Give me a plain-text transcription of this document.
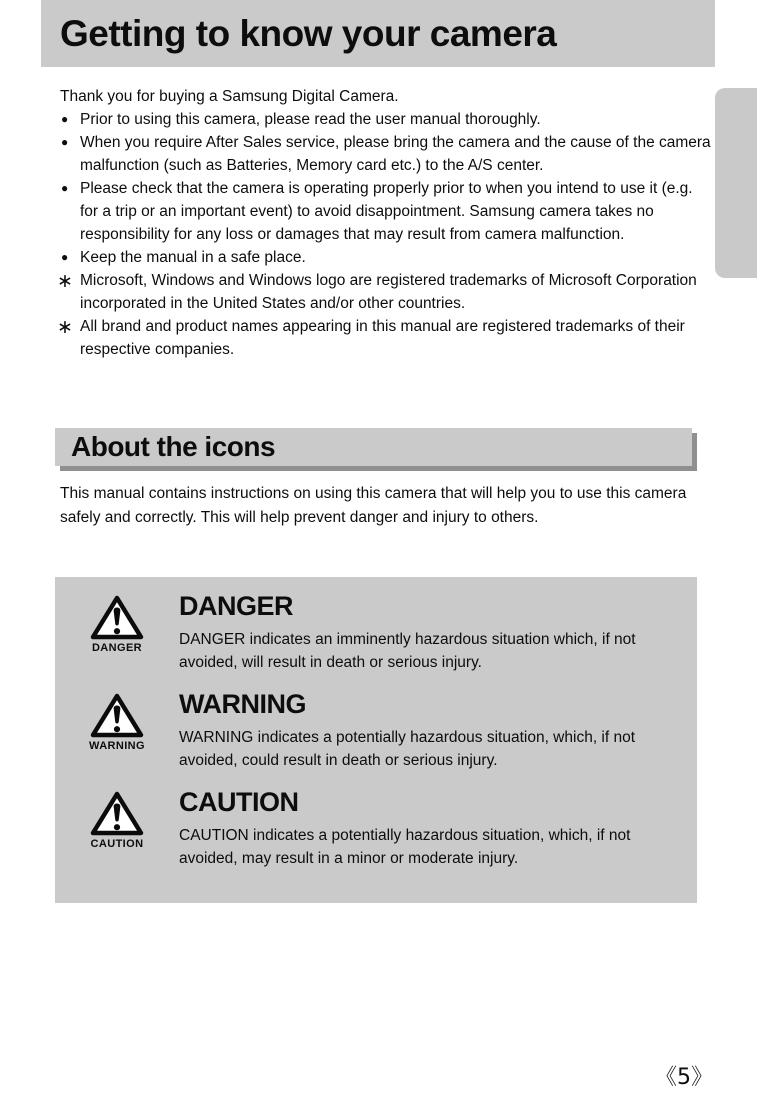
Getting to know your camera

Thank you for buying a Samsung Digital Camera.

● Prior to using this camera, please read the user manual thoroughly.
● When you require After Sales service, please bring the camera and the cause of the camera malfunction (such as Batteries, Memory card etc.) to the A/S center.
● Please check that the camera is operating properly prior to when you intend to use it (e.g. for a trip or an important event) to avoid disappointment. Samsung camera takes no responsibility for any loss or damages that may result from camera malfunction.
● Keep the manual in a safe place.
∗ Microsoft, Windows and Windows logo are registered trademarks of Microsoft Corporation incorporated in the United States and/or other countries.
∗ All brand and product names appearing in this manual are registered trademarks of their respective companies.
About the icons

This manual contains instructions on using this camera that will help you to use this camera safely and correctly. This will help prevent danger and injury to others.

DANGER
DANGER

DANGER indicates an imminently hazardous situation which, if not avoided, will result in death or serious injury.

WARNING
WARNING

WARNING indicates a potentially hazardous situation, which, if not avoided, could result in death or serious injury.

CAUTION
CAUTION

CAUTION indicates a potentially hazardous situation, which, if not avoided, may result in a minor or moderate injury.

《5》
